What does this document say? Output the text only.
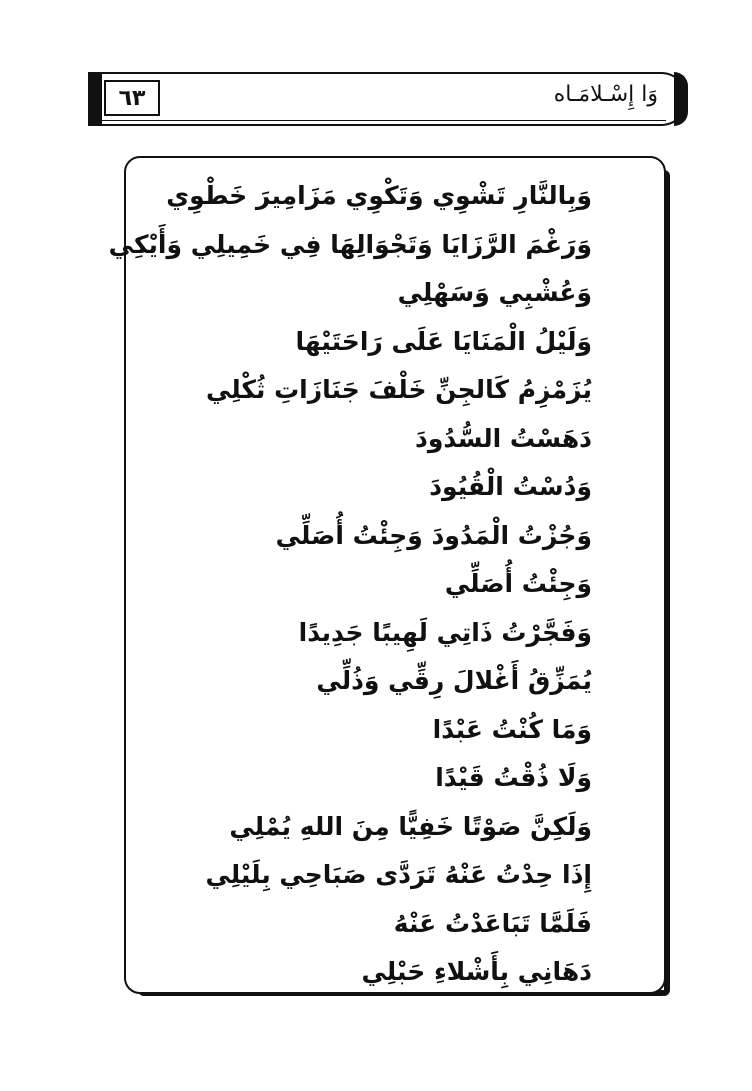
٦٣	وَا إِسْـلامَـاه
وَبِالنَّارِ تَشْوِي وَتَكْوِي مَزَامِيرَ خَطْوِي
وَرَغْمَ الرَّزَايَا وَتَجْوَالِهَا فِي خَمِيلِي وَأَيْكِي
وَعُشْبِي وَسَهْلِي
وَلَيْلُ الْمَنَايَا عَلَى رَاحَتَيْهَا
يُزَمْزِمُ كَالجِنِّ خَلْفَ جَنَازَاتِ ثُكْلِي
دَهَسْتُ السُّدُودَ
وَدُسْتُ الْقُيُودَ
وَجُزْتُ الْمَدُودَ وَجِئْتُ أُصَلِّي
وَجِئْتُ أُصَلِّي
وَفَجَّرْتُ ذَاتِي لَهِيبًا جَدِيدًا
يُمَزِّقُ أَغْلالَ رِقِّي وَذُلِّي
وَمَا كُنْتُ عَبْدًا
وَلَا ذُقْتُ قَيْدًا
وَلَكِنَّ صَوْتًا خَفِيًّا مِنَ اللهِ يُمْلِي
إِذَا حِدْتُ عَنْهُ تَرَدَّى صَبَاحِي بِلَيْلِي
فَلَمَّا تَبَاعَدْتُ عَنْهُ
دَهَانِي بِأَشْلاءِ حَبْلِي
